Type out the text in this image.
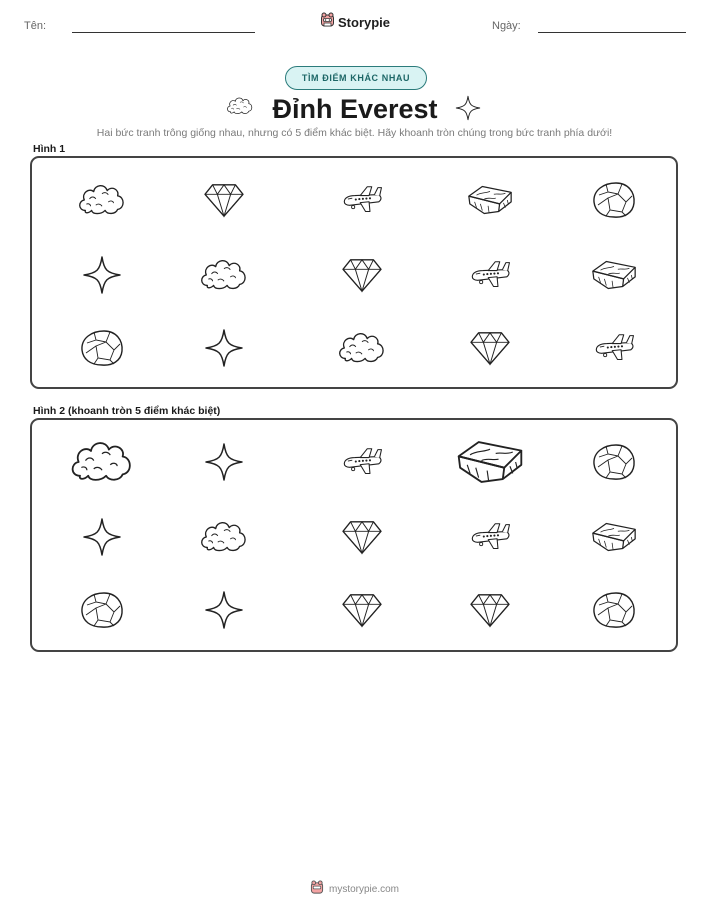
Tên:	Storypie	Ngày:
TÌM ĐIỂM KHÁC NHAU
Đỉnh Everest
Hai bức tranh trông giống nhau, nhưng có 5 điểm khác biệt. Hãy khoanh tròn chúng trong bức tranh phía dưới!
Hình 1
Hình 2 (khoanh tròn 5 điểm khác biệt)
mystorypie.com
